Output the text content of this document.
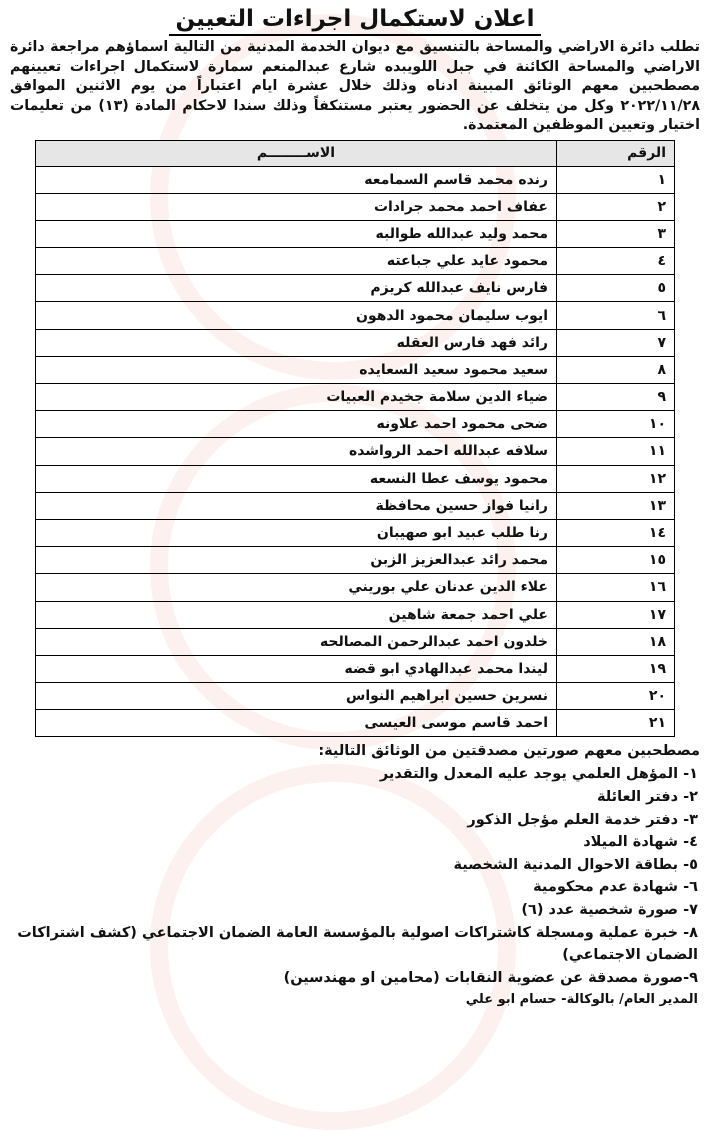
اعلان لاستكمال اجراءات التعيين

تطلب دائرة الاراضي والمساحة بالتنسيق مع ديوان الخدمة المدنية من التالية اسماؤهم مراجعة دائرة الاراضي والمساحة الكائنة في جبل اللويبده شارع عبدالمنعم سمارة لاستكمال اجراءات تعيينهم مصطحبين معهم الوثائق المبينة ادناه وذلك خلال عشرة ايام اعتباراً من يوم الاثنين الموافق ٢٠٢٢/١١/٢٨ وكل من يتخلف عن الحضور يعتبر مستنكفاً وذلك سندا لاحكام المادة (١٣) من تعليمات اختيار وتعيين الموظفين المعتمدة.

الرقم	الاســــــــم
١	رنده محمد قاسم السمامعه
٢	عفاف احمد محمد جرادات
٣	محمد وليد عبدالله طوالبه
٤	محمود عايد علي جباعته
٥	فارس نايف عبدالله كريزم
٦	ايوب سليمان محمود الدهون
٧	رائد فهد فارس العقله
٨	سعيد محمود سعيد السعايده
٩	ضياء الدين سلامة جخيدم العبيات
١٠	ضحى محمود احمد علاونه
١١	سلافه عبدالله احمد الرواشده
١٢	محمود يوسف عطا النسعه
١٣	رانيا فواز حسين محافظة
١٤	رنا طلب عبيد ابو صهيبان
١٥	محمد رائد عبدالعزيز الزبن
١٦	علاء الدين عدنان علي بوريني
١٧	علي احمد جمعة شاهين
١٨	خلدون احمد عبدالرحمن المصالحه
١٩	ليندا محمد عبدالهادي ابو قضه
٢٠	نسرين حسين ابراهيم النواس
٢١	احمد قاسم موسى العيسى
مصطحبين معهم صورتين مصدقتين من الوثائق التالية:
١- المؤهل العلمي يوجد عليه المعدل والتقدير
٢- دفتر العائلة
٣- دفتر خدمة العلم مؤجل الذكور
٤- شهادة الميلاد
٥- بطاقة الاحوال المدنية الشخصية
٦- شهادة عدم محكومية
٧- صورة شخصية عدد (٦)
٨- خبرة عملية ومسجلة كاشتراكات اصولية بالمؤسسة العامة الضمان الاجتماعي (كشف اشتراكات الضمان الاجتماعي)
٩-صورة مصدقة عن عضوية النقابات (محامين او مهندسين)
المدير العام/ بالوكالة- حسام ابو علي
